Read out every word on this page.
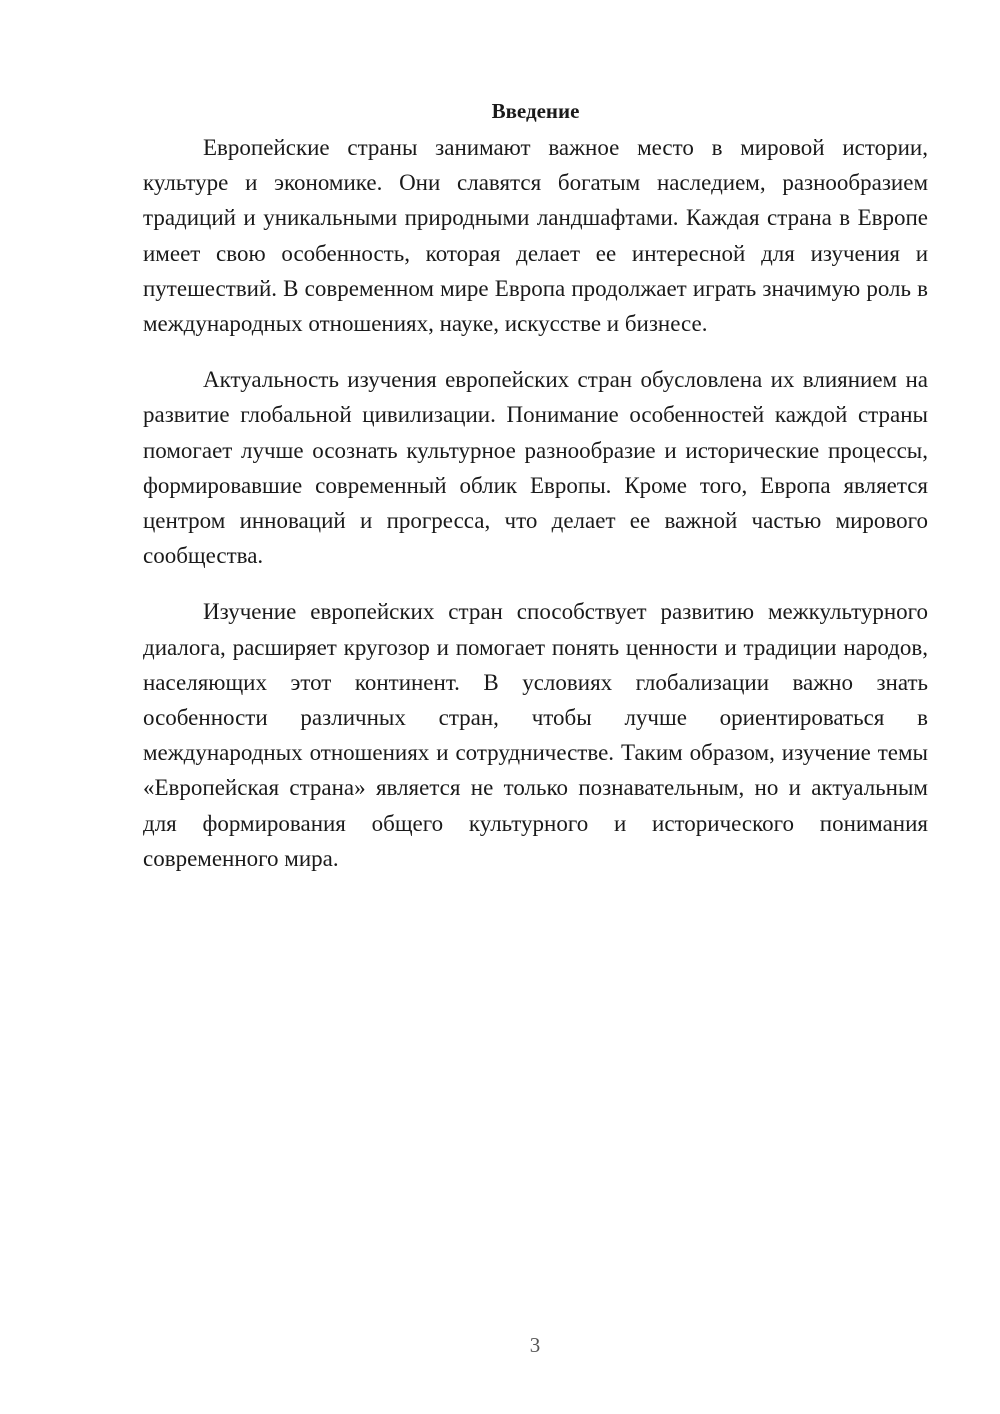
Введение

Европейские страны занимают важное место в мировой истории, культуре и экономике. Они славятся богатым наследием, разнообразием традиций и уникальными природными ландшафтами. Каждая страна в Европе имеет свою особенность, которая делает ее интересной для изучения и путешествий. В современном мире Европа продолжает играть значимую роль в международных отношениях, науке, искусстве и бизнесе.

Актуальность изучения европейских стран обусловлена их влиянием на развитие глобальной цивилизации. Понимание особенностей каждой страны помогает лучше осознать культурное разнообразие и исторические процессы, формировавшие современный облик Европы. Кроме того, Европа является центром инноваций и прогресса, что делает ее важной частью мирового сообщества.

Изучение европейских стран способствует развитию межкультурного диалога, расширяет кругозор и помогает понять ценности и традиции народов, населяющих этот континент. В условиях глобализации важно знать особенности различных стран, чтобы лучше ориентироваться в международных отношениях и сотрудничестве. Таким образом, изучение темы «Европейская страна» является не только познавательным, но и актуальным для формирования общего культурного и исторического понимания современного мира.

3
